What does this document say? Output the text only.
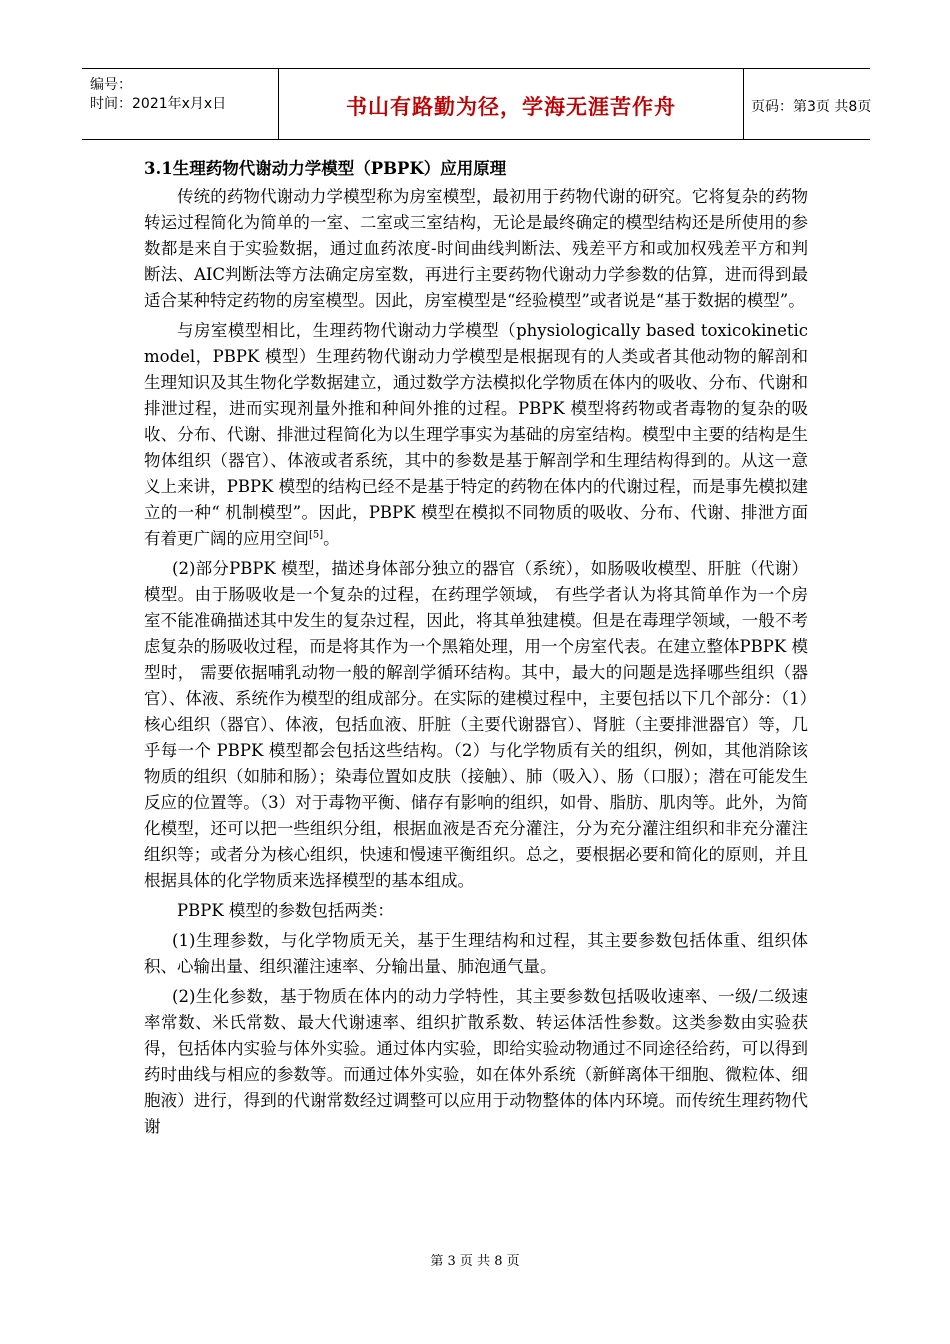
编号：
时间：2021年x月x日	书山有路勤为径，学海无涯苦作舟	页码：第3页 共8页
3.1生理药物代谢动力学模型（PBPK）应用原理

传统的药物代谢动力学模型称为房室模型，最初用于药物代谢的研究。它将复杂的药物转运过程简化为简单的一室、二室或三室结构，无论是最终确定的模型结构还是所使用的参数都是来自于实验数据，通过血药浓度-时间曲线判断法、残差平方和或加权残差平方和判断法、AIC判断法等方法确定房室数，再进行主要药物代谢动力学参数的估算，进而得到最适合某种特定药物的房室模型。因此，房室模型是“经验模型”或者说是“基于数据的模型”。

与房室模型相比，生理药物代谢动力学模型（physiologically based toxicokinetic model，PBPK 模型）生理药物代谢动力学模型是根据现有的人类或者其他动物的解剖和生理知识及其生物化学数据建立，通过数学方法模拟化学物质在体内的吸收、分布、代谢和排泄过程，进而实现剂量外推和种间外推的过程。PBPK 模型将药物或者毒物的复杂的吸收、分布、代谢、排泄过程简化为以生理学事实为基础的房室结构。模型中主要的结构是生物体组织（器官）、体液或者系统，其中的参数是基于解剖学和生理结构得到的。从这一意义上来讲，PBPK 模型的结构已经不是基于特定的药物在体内的代谢过程，而是事先模拟建立的一种“ 机制模型”。因此，PBPK 模型在模拟不同物质的吸收、分布、代谢、排泄方面有着更广阔的应用空间[5]。

(2)部分PBPK 模型，描述身体部分独立的器官（系统），如肠吸收模型、肝脏（代谢）模型。由于肠吸收是一个复杂的过程，在药理学领域， 有些学者认为将其简单作为一个房室不能准确描述其中发生的复杂过程，因此，将其单独建模。但是在毒理学领域，一般不考虑复杂的肠吸收过程，而是将其作为一个黑箱处理，用一个房室代表。在建立整体PBPK 模型时， 需要依据哺乳动物一般的解剖学循环结构。其中，最大的问题是选择哪些组织（器官）、体液、系统作为模型的组成部分。在实际的建模过程中，主要包括以下几个部分：（1）核心组织（器官）、体液，包括血液、肝脏（主要代谢器官）、肾脏（主要排泄器官）等，几乎每一个 PBPK 模型都会包括这些结构。（2）与化学物质有关的组织，例如，其他消除该物质的组织（如肺和肠）；染毒位置如皮肤（接触）、肺（吸入）、肠（口服）；潜在可能发生反应的位置等。（3）对于毒物平衡、储存有影响的组织，如骨、脂肪、肌肉等。此外，为简化模型，还可以把一些组织分组，根据血液是否充分灌注，分为充分灌注组织和非充分灌注组织等；或者分为核心组织，快速和慢速平衡组织。总之，要根据必要和简化的原则，并且根据具体的化学物质来选择模型的基本组成。

PBPK 模型的参数包括两类：

(1)生理参数，与化学物质无关，基于生理结构和过程，其主要参数包括体重、组织体积、心输出量、组织灌注速率、分输出量、肺泡通气量。

(2)生化参数，基于物质在体内的动力学特性，其主要参数包括吸收速率、一级/二级速率常数、米氏常数、最大代谢速率、组织扩散系数、转运体活性参数。这类参数由实验获得，包括体内实验与体外实验。通过体内实验，即给实验动物通过不同途径给药，可以得到药时曲线与相应的参数等。而通过体外实验，如在体外系统（新鲜离体干细胞、微粒体、细胞液）进行，得到的代谢常数经过调整可以应用于动物整体的体内环境。而传统生理药物代谢

第 3 页 共 8 页
